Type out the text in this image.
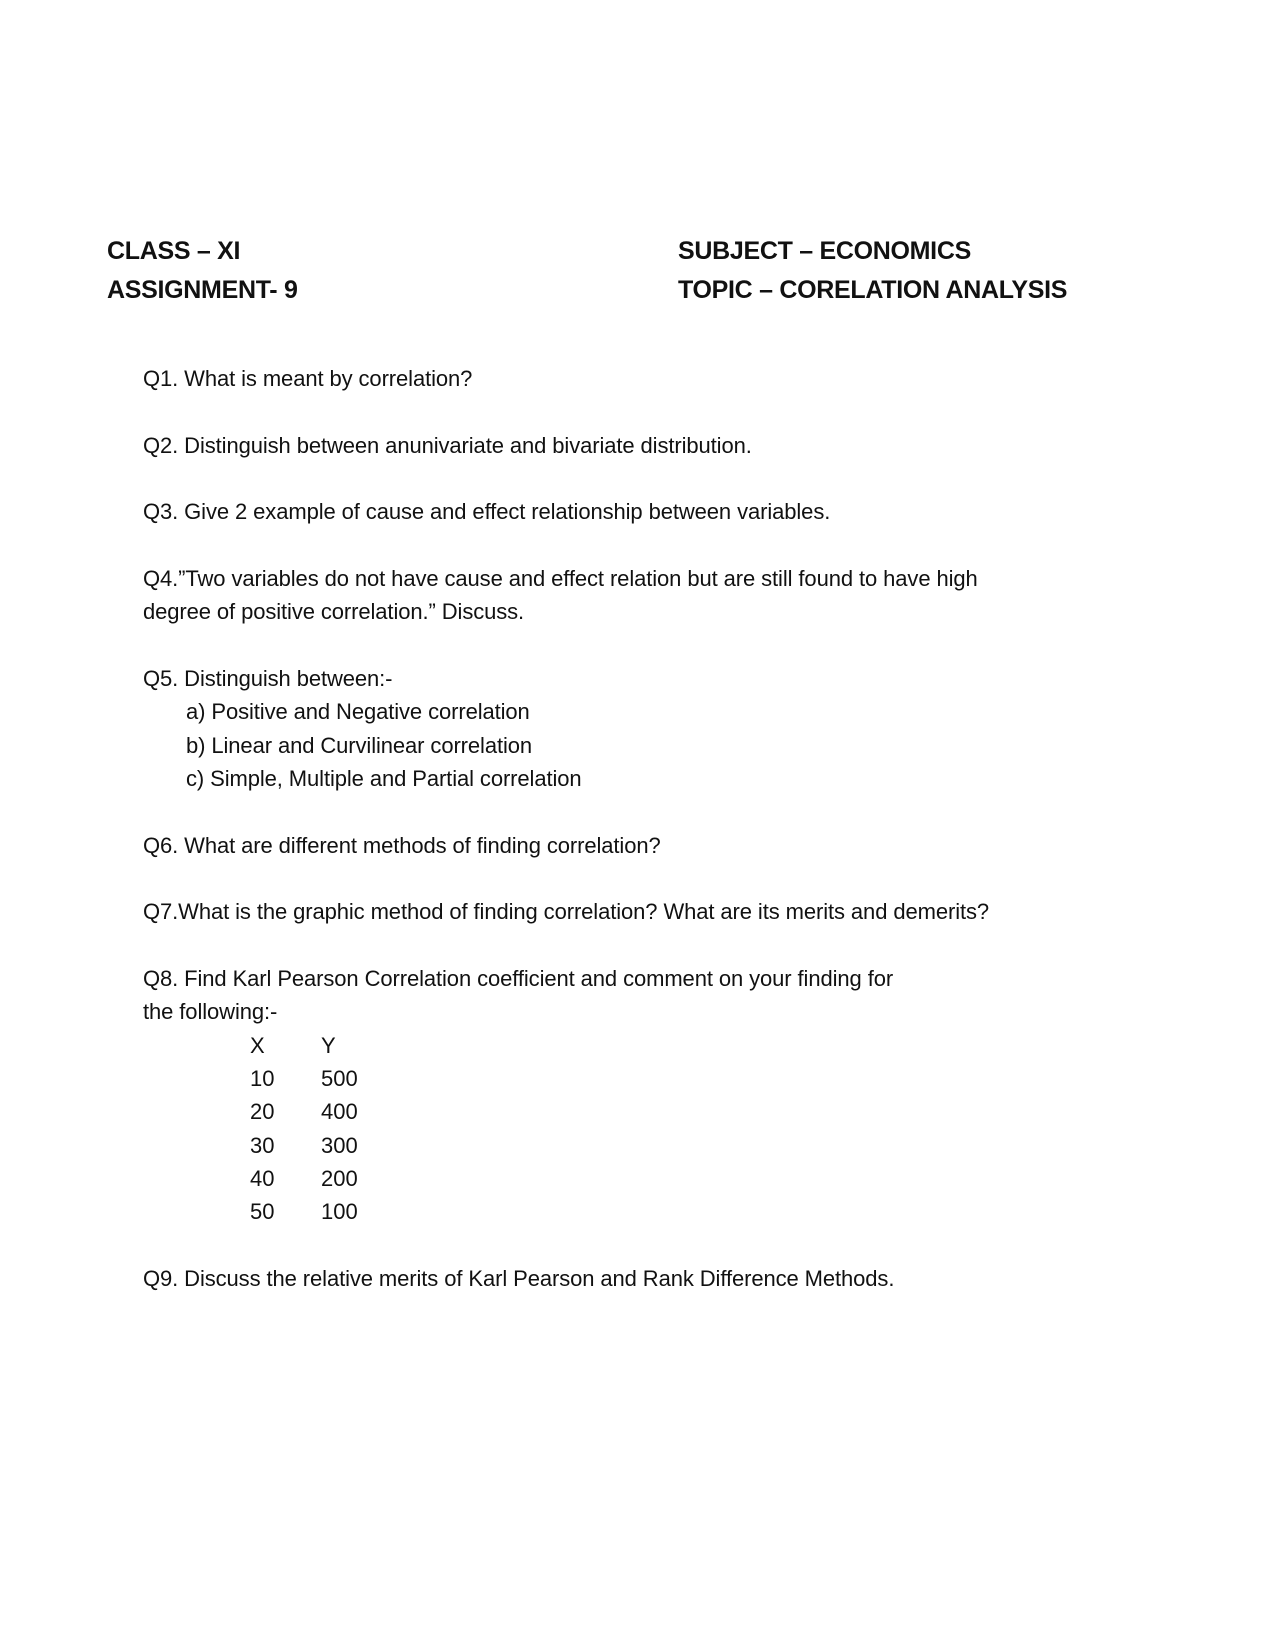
CLASS – XI
ASSIGNMENT- 9
SUBJECT – ECONOMICS
TOPIC – CORELATION ANALYSIS
Q1. What is meant by correlation?
Q2. Distinguish between anunivariate and bivariate distribution.
Q3. Give 2 example of cause and effect relationship between variables.
Q4.”Two variables do not have cause and effect relation but are still found to have high
degree of positive correlation.” Discuss.
Q5. Distinguish between:-
a) Positive and Negative correlation
b) Linear and Curvilinear correlation
c) Simple, Multiple and Partial correlation
Q6. What are different methods of finding correlation?
Q7.What is the graphic method of finding correlation? What are its merits and demerits?
Q8. Find Karl Pearson Correlation coefficient and comment on your finding for
the following:-
X	Y
10 500
20 400
30 300
40 200
50 100
Q9. Discuss the relative merits of Karl Pearson and Rank Difference Methods.
